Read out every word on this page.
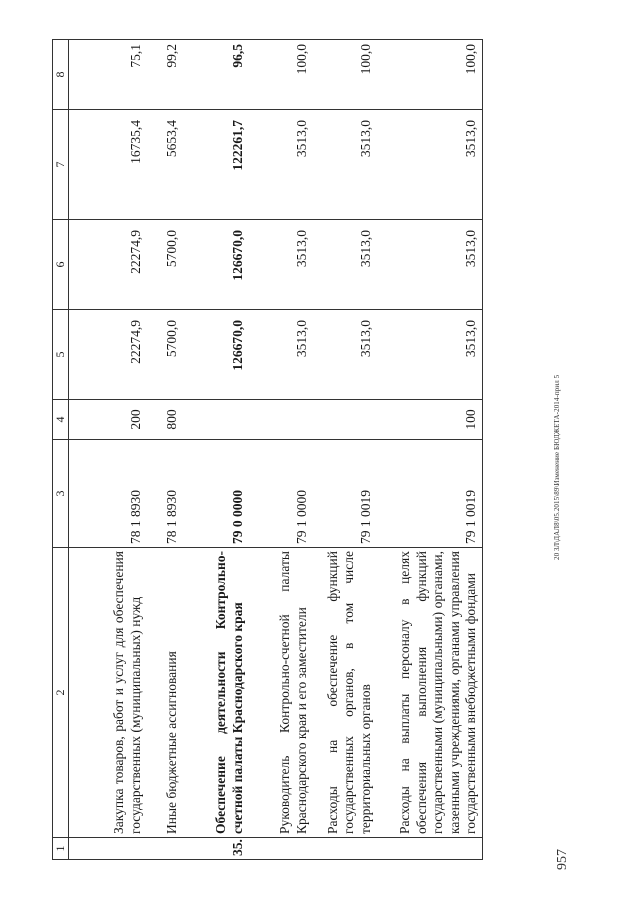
1	2	3	4	5	6	7	8
	Закупка товаров, работ и услуг для обеспечения государственных (муниципальных) нужд	78 1 8930	200	22274,9	22274,9	16735,4	75,1
	Иные бюджетные ассигнования	78 1 8930	800	5700,0	5700,0	5653,4	99,2
35.	Обеспечение деятельности Контрольно-счетной палаты Краснодарского края	79 0 0000		126670,0	126670,0	122261,7	96,5
	Руководитель Контрольно-счетной палаты Краснодарского края и его заместители	79 1 0000		3513,0	3513,0	3513,0	100,0
	Расходы на обеспечение функций государственных органов, в том числе территориальных органов	79 1 0019		3513,0	3513,0	3513,0	100,0
	Расходы на выплаты персоналу в целях обеспечения выполнения функций государственными (муниципальными) органами, казенными учреждениями, органами управления государственными внебюджетными фондами	79 1 0019	100	3513,0	3513,0	3513,0	100,0
20 ЗЛ\ДАЛ8\05.2015\89\Изменение БЮДЖЕТА-2014-прил 5
957
